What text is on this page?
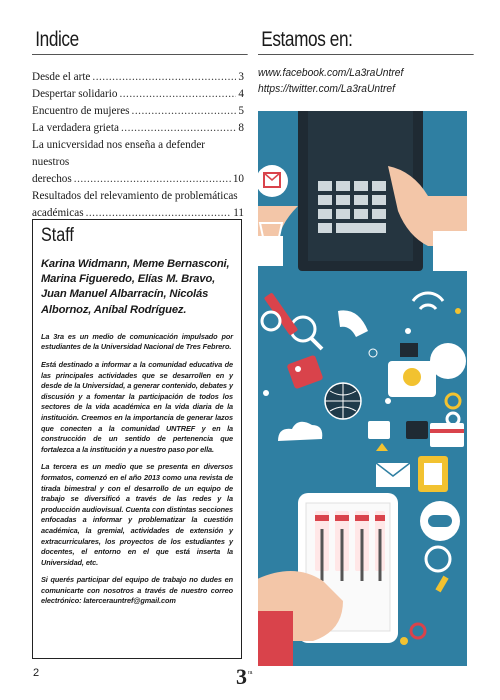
Indice
Desde el arte .....	3
Despertar solidario .....	4
Encuentro de mujeres .....	5
La verdadera grieta .....	8
La unicversidad nos enseña a defender nuestros
derechos .....	10
Resultados del relevamiento de problemáticas
académicas .....	11
Estamos en:
www.facebook.com/La3raUntref
https://twitter.com/La3raUntref
Staff
Karina Widmann, Meme Bernasconi, Marina Figueredo, Elías M. Bravo, Juan Manuel Albarracín, Nicolás Albornoz, Aníbal Rodríguez.

La 3ra es un medio de comunicación impulsado por estudiantes de la Universidad Nacional de Tres Febrero.

Está destinado a informar a la comunidad educativa de las principales actividades que se desarrollen en y desde de la Universidad, a generar contenido, debates y discusión y a fomentar la participación de todos los sectores de la vida académica en la vida diaria de la institución. Creemos en la importancia de generar lazos que conecten a la comunidad UNTREF y en la construcción de un sentido de pertenencia que fortalezca a la institución y a nuestro paso por ella.

La tercera es un medio que se presenta en diversos formatos, comenzó en el año 2013 como una revista de tirada bimestral y con el desarrollo de un equipo de trabajo se diversificó a través de las redes y la producción audiovisual. Cuenta con distintas secciones enfocadas a informar y problematizar la cuestión académica, la gremial, actividades de extensión y extracurriculares, los proyectos de los estudiantes y docentes, el entorno en el que está inserta la Universidad, etc.

Si querés participar del equipo de trabajo no dudes en comunicarte con nosotros a través de nuestro correo electrónico: latercerauntref@gmail.com

2	3 ra
